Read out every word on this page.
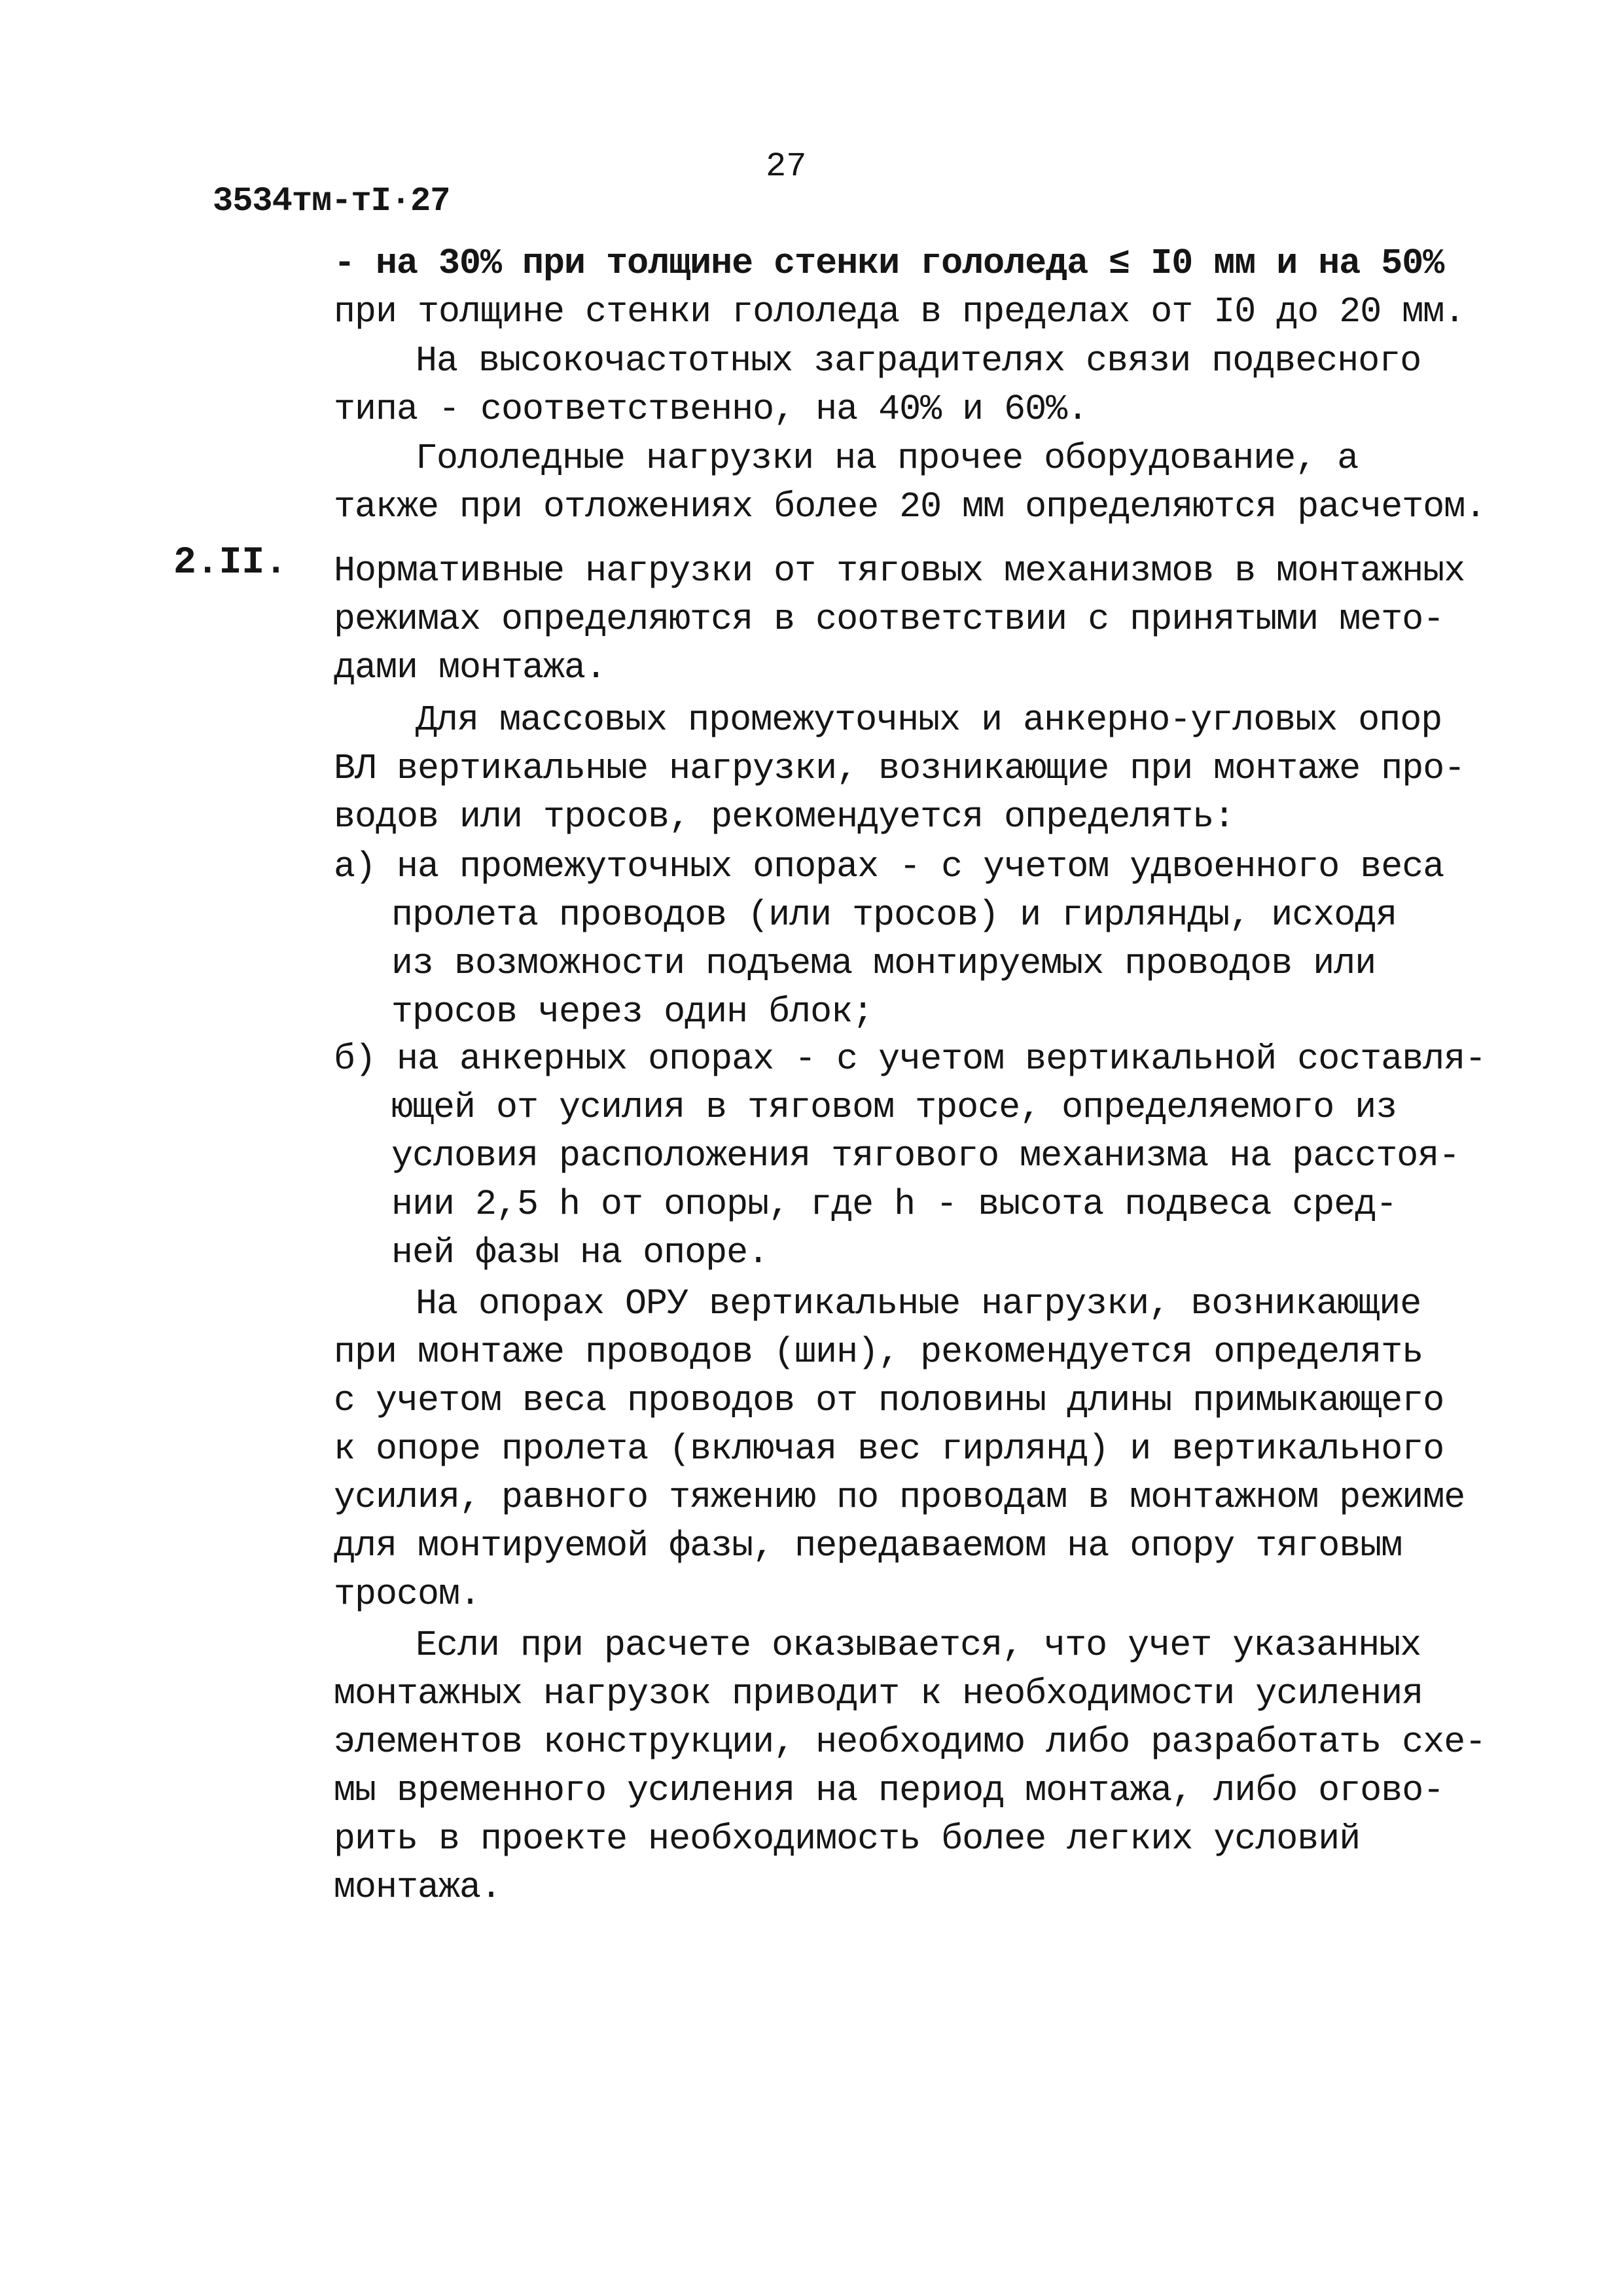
27
3534тм-тI·27
2.II.
- на 30% при толщине стенки гололеда ≤ I0 мм и на 50%
при толщине стенки гололеда в пределах от I0 до 20 мм.
На высокочастотных заградителях связи подвесного
типа - соответственно, на 40% и 60%.
Гололедные нагрузки на прочее оборудование, а
также при отложениях более 20 мм определяются расчетом.
Нормативные нагрузки от тяговых механизмов в монтажных
режимах определяются в соответствии с принятыми мето-
дами монтажа.
Для массовых промежуточных и анкерно-угловых опор
ВЛ вертикальные нагрузки, возникающие при монтаже про-
водов или тросов, рекомендуется определять:
а) на промежуточных опорах - с учетом удвоенного веса
пролета проводов (или тросов) и гирлянды, исходя
из возможности подъема монтируемых проводов или
тросов через один блок;
б) на анкерных опорах - с учетом вертикальной составля-
ющей от усилия в тяговом тросе, определяемого из
условия расположения тягового механизма на расстоя-
нии 2,5 h от опоры, где h - высота подвеса сред-
ней фазы на опоре.
На опорах ОРУ вертикальные нагрузки, возникающие
при монтаже проводов (шин), рекомендуется определять
с учетом веса проводов от половины длины примыкающего
к опоре пролета (включая вес гирлянд) и вертикального
усилия, равного тяжению по проводам в монтажном режиме
для монтируемой фазы, передаваемом на опору тяговым
тросом.
Если при расчете оказывается, что учет указанных
монтажных нагрузок приводит к необходимости усиления
элементов конструкции, необходимо либо разработать схе-
мы временного усиления на период монтажа, либо огово-
рить в проекте необходимость более легких условий
монтажа.
